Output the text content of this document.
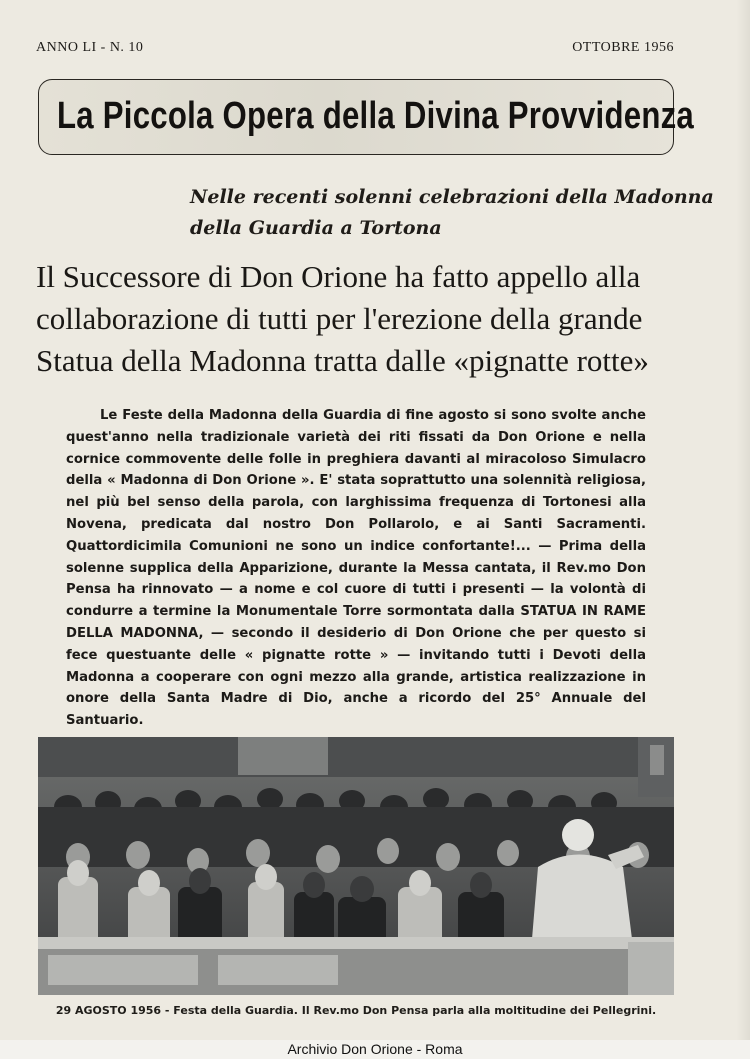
ANNO LI - N. 10	OTTOBRE 1956
La Piccola Opera della Divina Provvidenza
Nelle recenti solenni celebrazioni della Madonna
della Guardia a Tortona
Il Successore di Don Orione ha fatto appello alla
collaborazione di tutti per l'erezione della grande
Statua della Madonna tratta dalle «pignatte rotte»

Le Feste della Madonna della Guardia di fine agosto si sono svolte anche quest'anno nella tradizionale varietà dei riti fissati da Don Orione e nella cornice commovente delle folle in preghiera davanti al miracoloso Simulacro della « Madonna di Don Orione ». E' stata soprattutto una solennità religiosa, nel più bel senso della parola, con larghissima frequenza di Tortonesi alla Novena, predicata dal nostro Don Pollarolo, e ai Santi Sacramenti. Quattordicimila Comunioni ne sono un indice confortante!... — Prima della solenne supplica della Apparizione, durante la Messa cantata, il Rev.mo Don Pensa ha rinnovato — a nome e col cuore di tutti i presenti — la volontà di condurre a termine la Monumentale Torre sormontata dalla STATUA IN RAME DELLA MADONNA, — secondo il desiderio di Don Orione che per questo si fece questuante delle « pignatte rotte » — invitando tutti i Devoti della Madonna a cooperare con ogni mezzo alla grande, artistica realizzazione in onore della Santa Madre di Dio, anche a ricordo del 25° Annuale del Santuario.

29 AGOSTO 1956 - Festa della Guardia. Il Rev.mo Don Pensa parla alla moltitudine dei Pellegrini.
Archivio Don Orione - Roma
